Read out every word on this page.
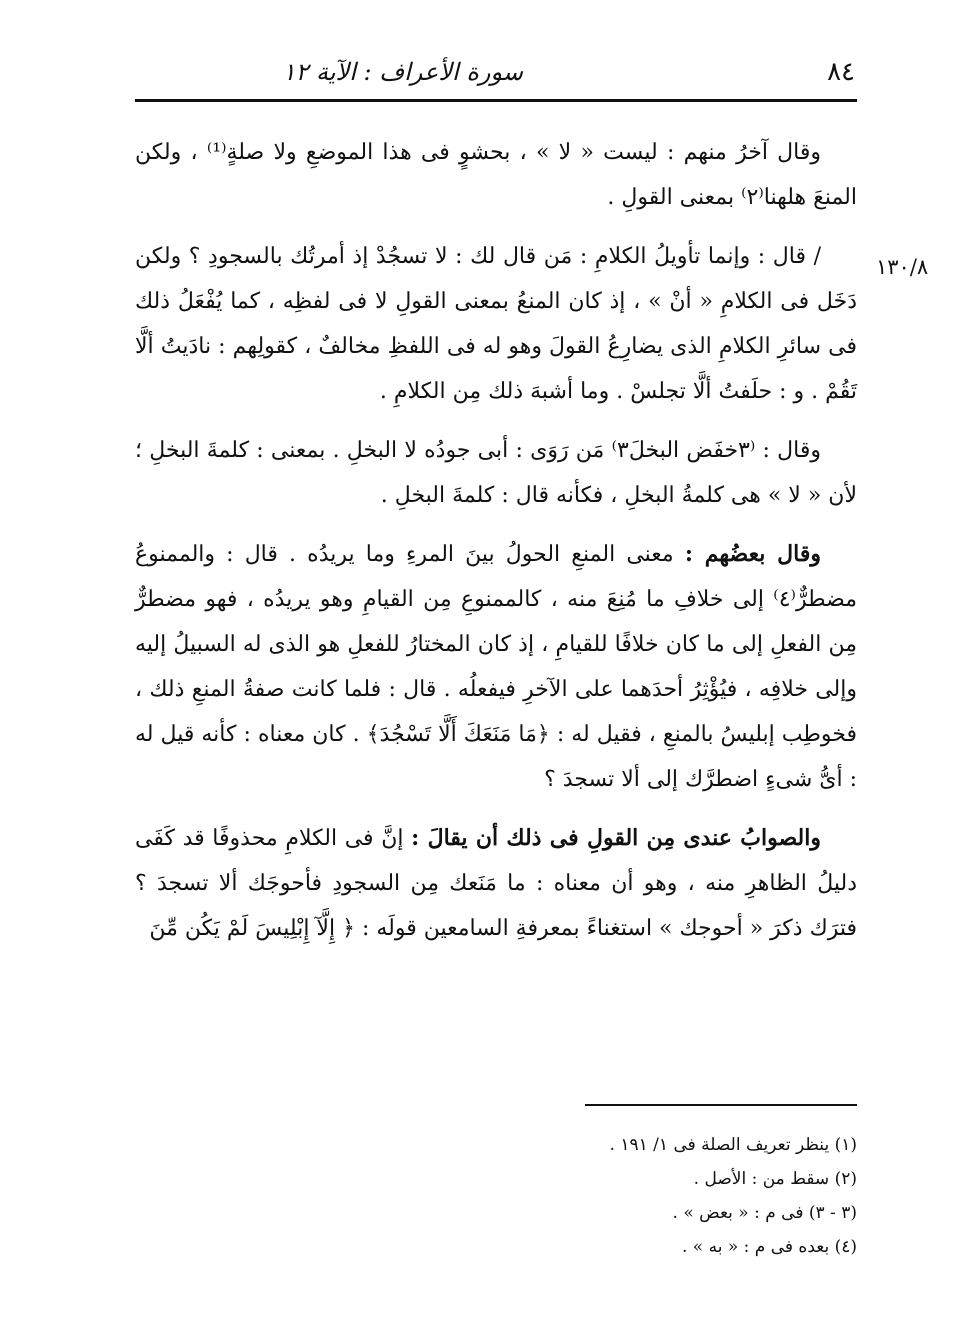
٨٤
سورة الأعراف : الآية ١٢
١٣٠/٨

وقال آخرُ منهم : ليست « لا » ، بحشوٍ فى هذا الموضعِ ولا صلةٍ⁽¹⁾ ، ولكن المنعَ هلهنا⁽٢⁾ بمعنى القولِ .

/ قال : وإنما تأويلُ الكلامِ : مَن قال لك : لا تسجُدْ إذ أمرتُك بالسجودِ ؟ ولكن دَخَل فى الكلامِ « أنْ » ، إذ كان المنعُ بمعنى القولِ لا فى لفظِه ، كما يُفْعَلُ ذلك فى سائرِ الكلامِ الذى يضارِعُ القولَ وهو له فى اللفظِ مخالفٌ ، كقولِهم : نادَيتُ ألَّا تَقُمْ . و : حلَفتُ ألَّا تجلسْ . وما أشبهَ ذلك مِن الكلامِ .

وقال : ⁽٣خفَض البخلَ٣⁾ مَن رَوَى : أبى جودُه لا البخلِ . بمعنى : كلمةَ البخلِ ؛ لأن « لا » هى كلمةُ البخلِ ، فكأنه قال : كلمةَ البخلِ .

وقال بعضُهم : معنى المنعِ الحولُ بينَ المرءِ وما يريدُه . قال : والممنوعُ مضطرٌّ⁽٤⁾ إلى خلافِ ما مُنِعَ منه ، كالممنوعِ مِن القيامِ وهو يريدُه ، فهو مضطرٌّ مِن الفعلِ إلى ما كان خلافًا للقيامِ ، إذ كان المختارُ للفعلِ هو الذى له السبيلُ إليه وإلى خلافِه ، فيُؤْثِرُ أحدَهما على الآخرِ فيفعلُه . قال : فلما كانت صفةُ المنعِ ذلك ، فخوطِب إبليسُ بالمنعِ ، فقيل له : ﴿مَا مَنَعَكَ أَلَّا تَسْجُدَ﴾ . كان معناه : كأنه قيل له : أىُّ شىءٍ اضطرَّك إلى ألا تسجدَ ؟

والصوابُ عندى مِن القولِ فى ذلك أن يقالَ : إنَّ فى الكلامِ محذوفًا قد كَفَى دليلُ الظاهرِ منه ، وهو أن معناه : ما مَنَعك مِن السجودِ فأحوجَك ألا تسجدَ ؟ فترَك ذكرَ « أحوجك » استغناءً بمعرفةِ السامعين قولَه : ﴿ إِلَّآ إِبْلِيسَ لَمْ يَكُن مِّنَ

(١) ينظر تعريف الصلة فى ١/ ١٩١ .
(٢) سقط من : الأصل .
(٣ - ٣) فى م : « بعض » .
(٤) بعده فى م : « به » .
